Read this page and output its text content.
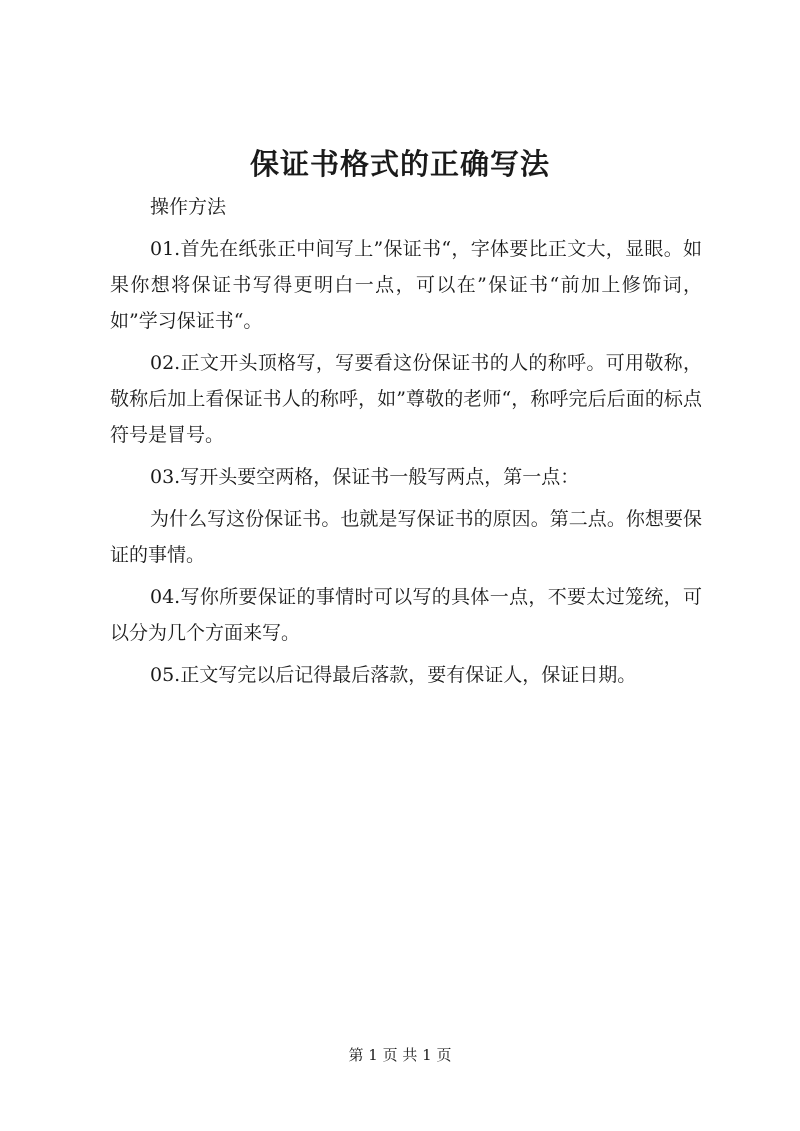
保证书格式的正确写法

操作方法

01.首先在纸张正中间写上”保证书“，字体要比正文大，显眼。如果你想将保证书写得更明白一点，可以在”保证书“前加上修饰词，如”学习保证书“。

02.正文开头顶格写，写要看这份保证书的人的称呼。可用敬称，敬称后加上看保证书人的称呼，如”尊敬的老师“，称呼完后后面的标点符号是冒号。

03.写开头要空两格，保证书一般写两点，第一点：

为什么写这份保证书。也就是写保证书的原因。第二点。你想要保证的事情。

04.写你所要保证的事情时可以写的具体一点，不要太过笼统，可以分为几个方面来写。

05.正文写完以后记得最后落款，要有保证人，保证日期。

第 1 页 共 1 页
